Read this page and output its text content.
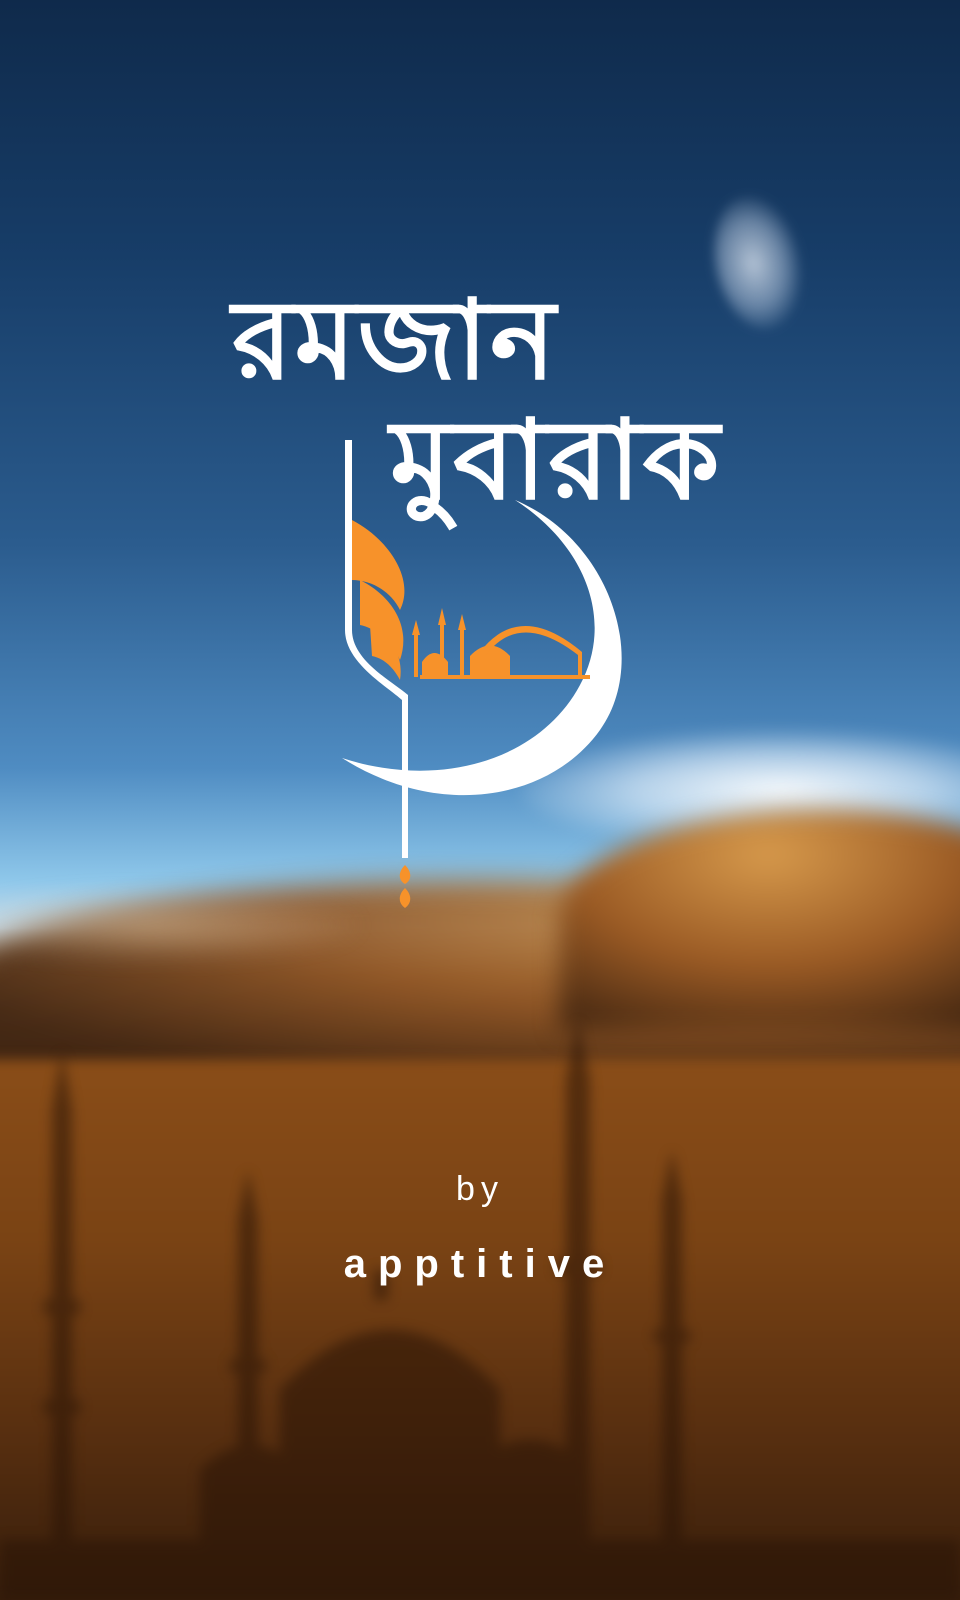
রমজান
মুবারাক
by
apptitive
